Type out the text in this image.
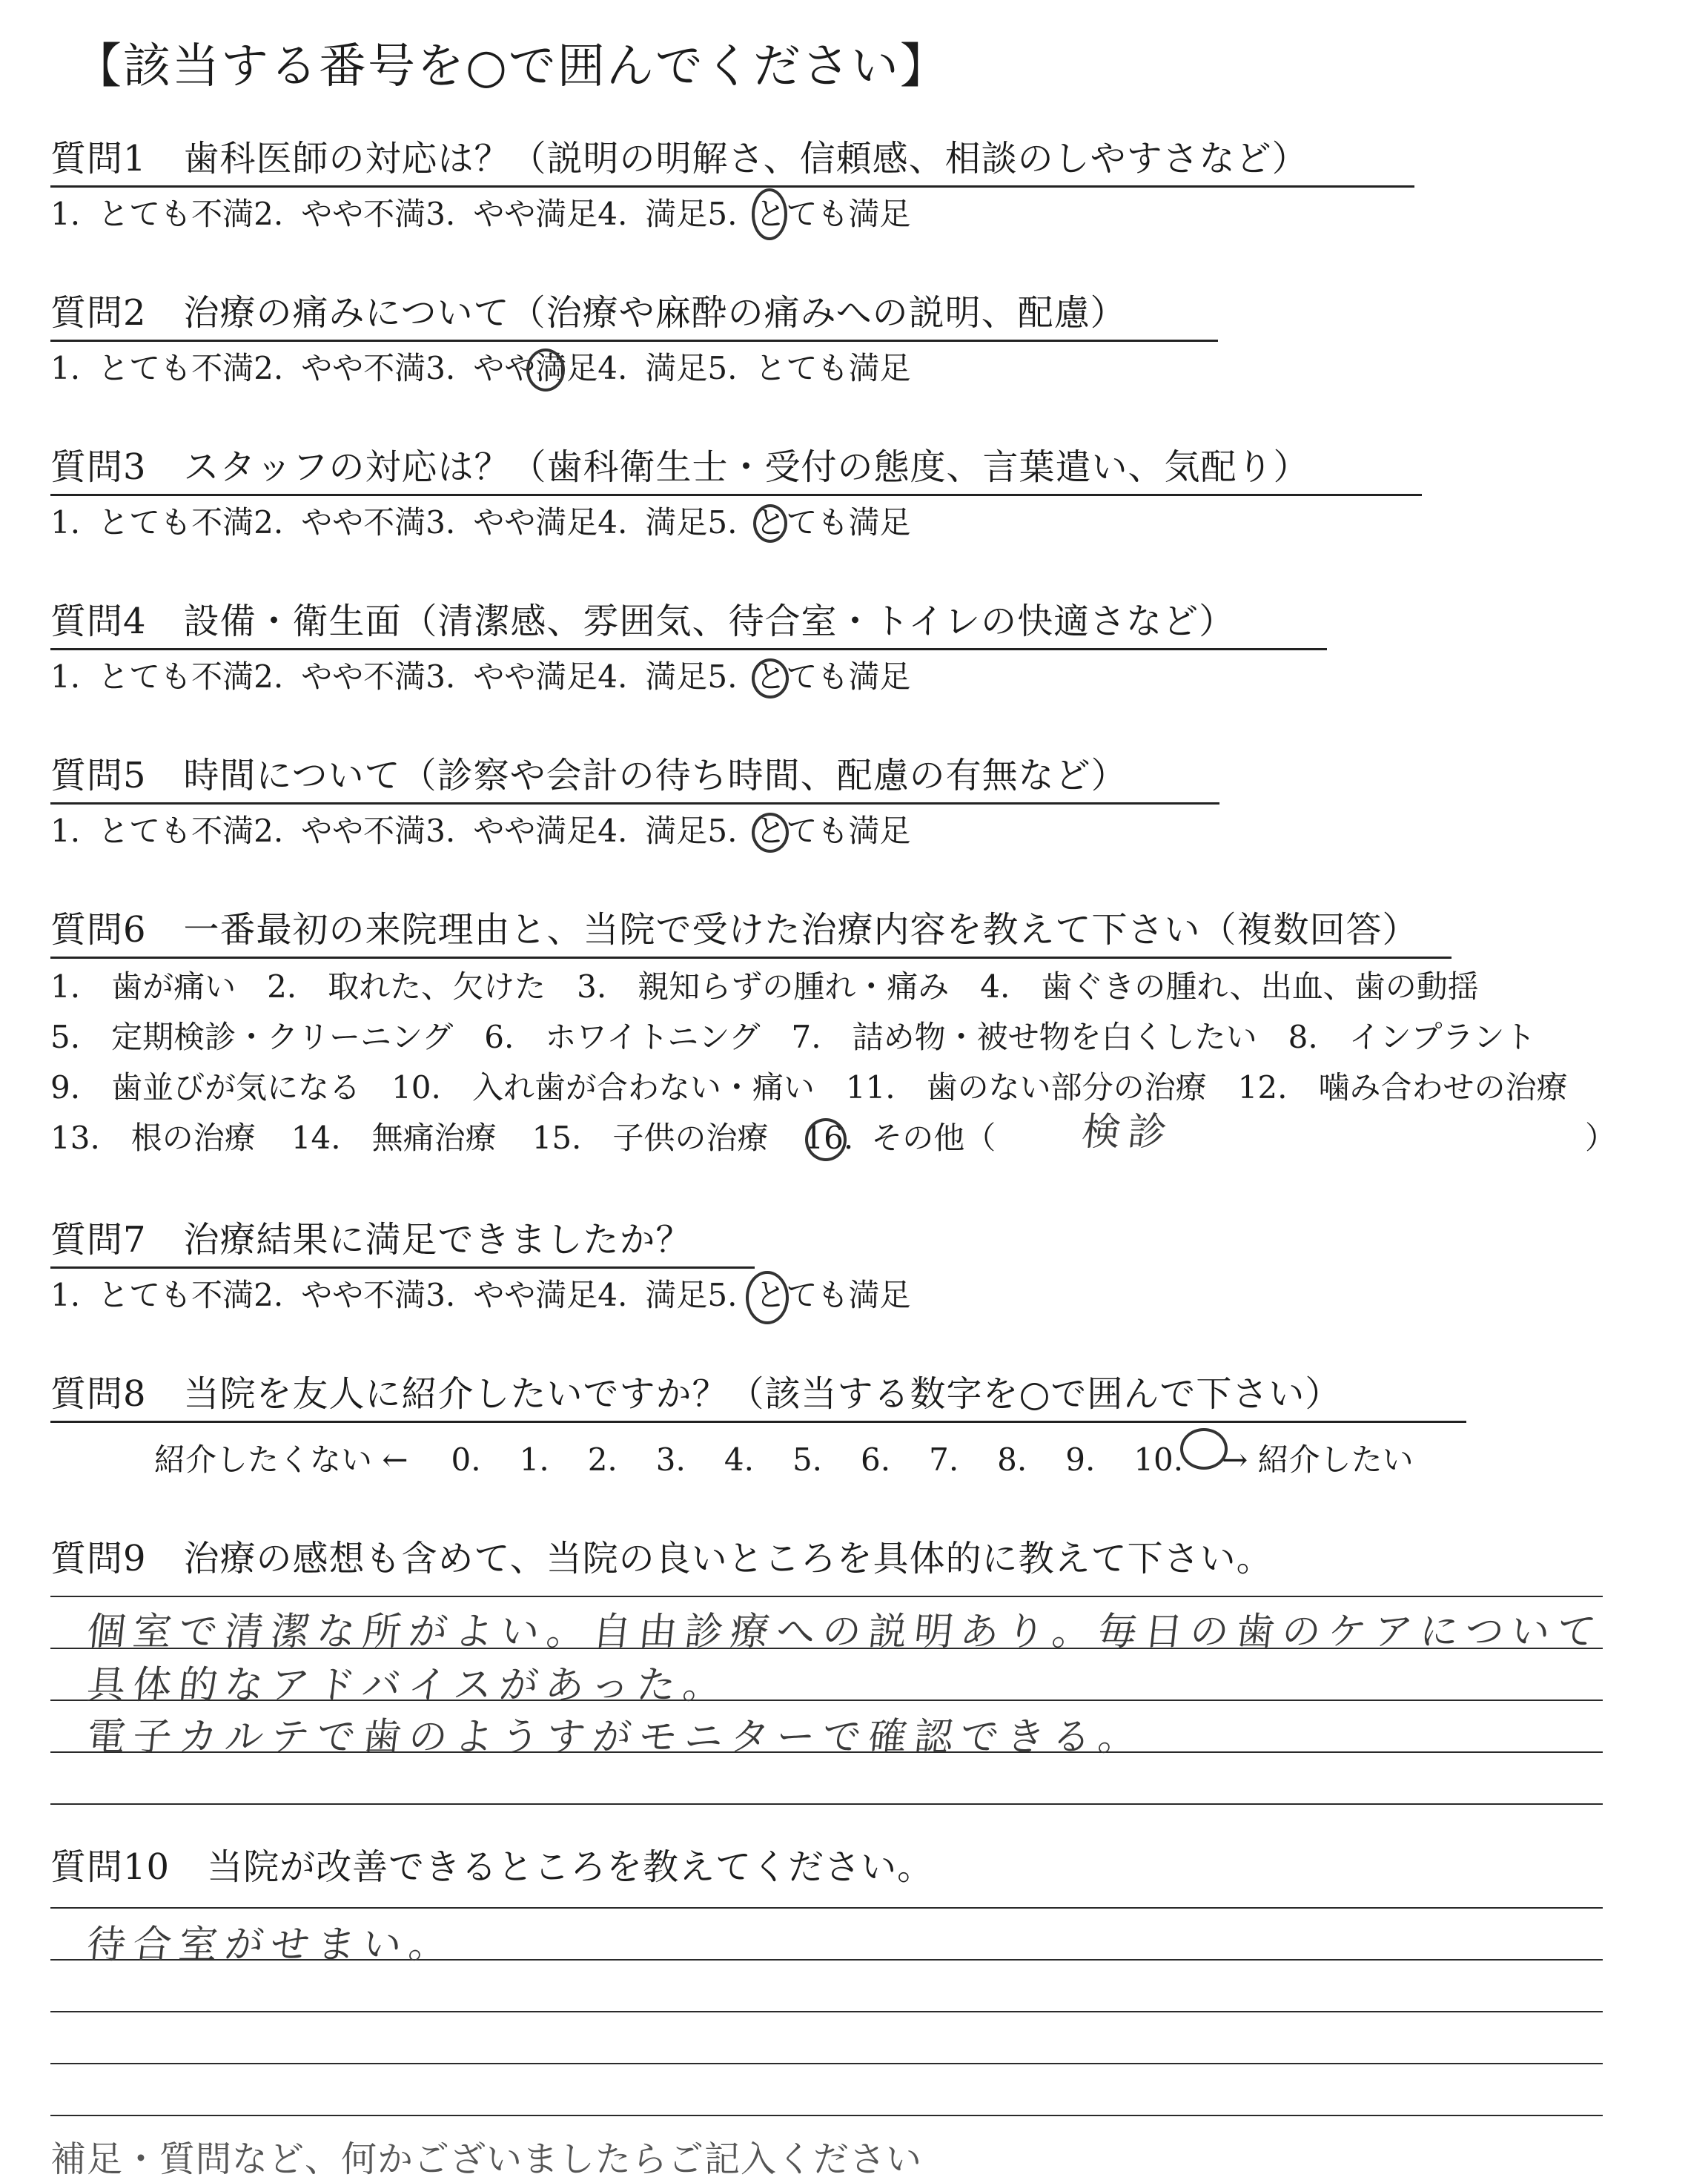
【該当する番号を○で囲んでください】
質問1 歯科医師の対応は？（説明の明解さ、信頼感、相談のしやすさなど）
1. とても不満2. やや不満3. やや満足4. 満足5. とても満足
質問2 治療の痛みについて（治療や麻酔の痛みへの説明、配慮）
1. とても不満2. やや不満3. やや満足4. 満足5. とても満足
質問3 スタッフの対応は？（歯科衛生士・受付の態度、言葉遣い、気配り）
1. とても不満2. やや不満3. やや満足4. 満足5. とても満足
質問4 設備・衛生面（清潔感、雰囲気、待合室・トイレの快適さなど）
1. とても不満2. やや不満3. やや満足4. 満足5. とても満足
質問5 時間について（診察や会計の待ち時間、配慮の有無など）
1. とても不満2. やや不満3. やや満足4. 満足5. とても満足
質問6 一番最初の来院理由と、当院で受けた治療内容を教えて下さい（複数回答）
1.　歯が痛い　2.　取れた、欠けた　3.　親知らずの腫れ・痛み　4.　歯ぐきの腫れ、出血、歯の動揺
5.　定期検診・クリーニング　6.　ホワイトニング　7.　詰め物・被せ物を白くしたい　8.　インプラント
9.　歯並びが気になる　10.　入れ歯が合わない・痛い　11.　歯のない部分の治療　12.　噛み合わせの治療
13.　根の治療 14.　無痛治療 15.　子供の治療 16. その他（	）
検診
質問7 治療結果に満足できましたか？
1. とても不満2. やや不満3. やや満足4. 満足5. とても満足
質問8 当院を友人に紹介したいですか？（該当する数字を○で囲んで下さい）
紹介したくない ← 0. 1. 2. 3. 4. 5. 6. 7. 8. 9. 10. → 紹介したい
質問9 治療の感想も含めて、当院の良いところを具体的に教えて下さい。
個室で清潔な所がよい。自由診療への説明あり。毎日の歯のケアについて
具体的なアドバイスがあった。
電子カルテで歯のようすがモニターで確認できる。
質問10 当院が改善できるところを教えてください。
待合室がせまい。
補足・質問など、何かございましたらご記入ください
